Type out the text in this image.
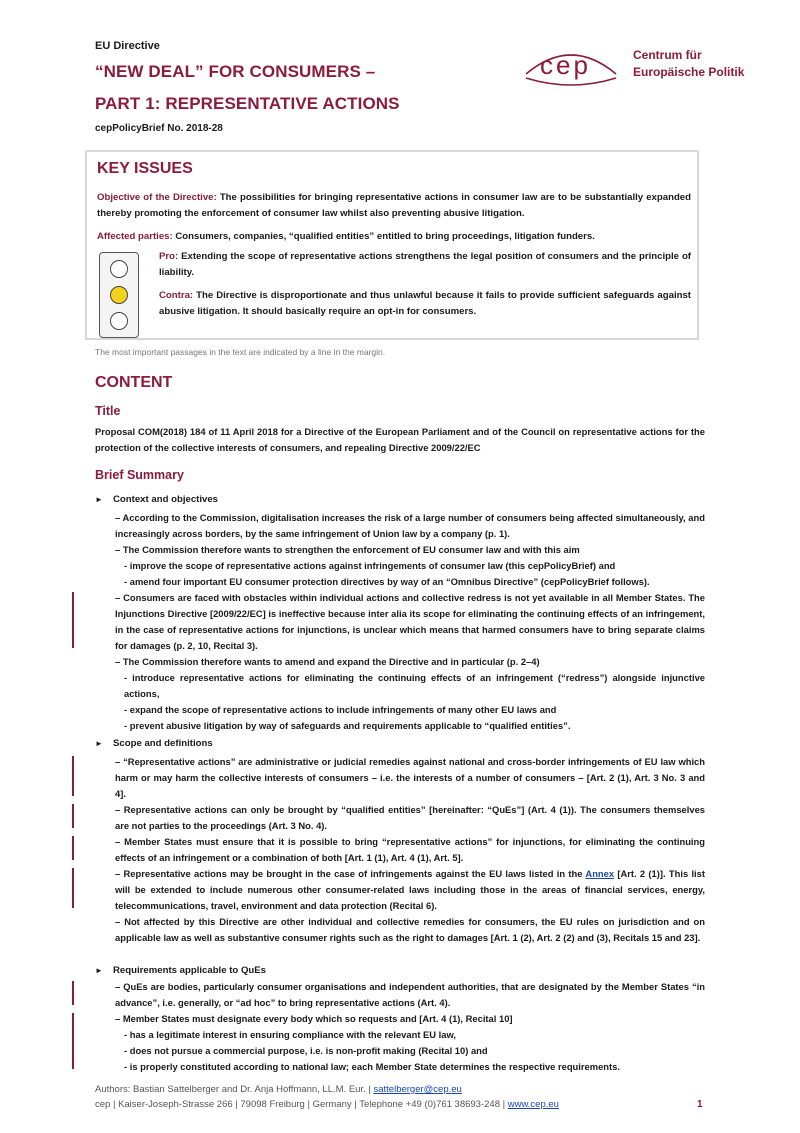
EU Directive
“NEW DEAL” FOR CONSUMERS –
PART 1: REPRESENTATIVE ACTIONS
cepPolicyBrief No. 2018-28
cep	Centrum für
Europäische Politik
KEY ISSUES
Objective of the Directive: The possibilities for bringing representative actions in consumer law are to be substantially expanded thereby promoting the enforcement of consumer law whilst also preventing abusive litigation.
Affected parties: Consumers, companies, “qualified entities” entitled to bring proceedings, litigation funders.
Pro: Extending the scope of representative actions strengthens the legal position of consumers and the principle of liability.
Contra: The Directive is disproportionate and thus unlawful because it fails to provide sufficient safeguards against abusive litigation. It should basically require an opt-in for consumers.
The most important passages in the text are indicated by a line in the margin.
CONTENT
Title
Proposal COM(2018) 184 of 11 April 2018 for a Directive of the European Parliament and of the Council on representative actions for the protection of the collective interests of consumers, and repealing Directive 2009/22/EC
Brief Summary
► Context and objectives
– According to the Commission, digitalisation increases the risk of a large number of consumers being affected simultaneously, and increasingly across borders, by the same infringement of Union law by a company (p. 1).
– The Commission therefore wants to strengthen the enforcement of EU consumer law and with this aim
- improve the scope of representative actions against infringements of consumer law (this cepPolicyBrief) and
- amend four important EU consumer protection directives by way of an “Omnibus Directive” (cepPolicyBrief follows).
– Consumers are faced with obstacles within individual actions and collective redress is not yet available in all Member States. The Injunctions Directive [2009/22/EC] is ineffective because inter alia its scope for eliminating the continuing effects of an infringement, in the case of representative actions for injunctions, is unclear which means that harmed consumers have to bring separate claims for damages (p. 2, 10, Recital 3).
– The Commission therefore wants to amend and expand the Directive and in particular (p. 2–4)
- introduce representative actions for eliminating the continuing effects of an infringement (“redress”) alongside injunctive actions,
- expand the scope of representative actions to include infringements of many other EU laws and
- prevent abusive litigation by way of safeguards and requirements applicable to “qualified entities”.
► Scope and definitions
– “Representative actions” are administrative or judicial remedies against national and cross-border infringements of EU law which harm or may harm the collective interests of consumers – i.e. the interests of a number of consumers – [Art. 2 (1), Art. 3 No. 3 and 4].
– Representative actions can only be brought by “qualified entities” [hereinafter: “QuEs”] (Art. 4 (1)). The consumers themselves are not parties to the proceedings (Art. 3 No. 4).
– Member States must ensure that it is possible to bring “representative actions” for injunctions, for eliminating the continuing effects of an infringement or a combination of both [Art. 1 (1), Art. 4 (1), Art. 5].
– Representative actions may be brought in the case of infringements against the EU laws listed in the Annex [Art. 2 (1)]. This list will be extended to include numerous other consumer-related laws including those in the areas of financial services, energy, telecommunications, travel, environment and data protection (Recital 6).
– Not affected by this Directive are other individual and collective remedies for consumers, the EU rules on jurisdiction and on applicable law as well as substantive consumer rights such as the right to damages [Art. 1 (2), Art. 2 (2) and (3), Recitals 15 and 23].
► Requirements applicable to QuEs
– QuEs are bodies, particularly consumer organisations and independent authorities, that are designated by the Member States “in advance”, i.e. generally, or “ad hoc” to bring representative actions (Art. 4).
– Member States must designate every body which so requests and [Art. 4 (1), Recital 10]
- has a legitimate interest in ensuring compliance with the relevant EU law,
- does not pursue a commercial purpose, i.e. is non-profit making (Recital 10) and
- is properly constituted according to national law; each Member State determines the respective requirements.
Authors: Bastian Sattelberger and Dr. Anja Hoffmann, LL.M. Eur. | sattelberger@cep.eu
cep | Kaiser-Joseph-Strasse 266 | 79098 Freiburg | Germany | Telephone +49 (0)761 38693-248 | www.cep.eu	1
